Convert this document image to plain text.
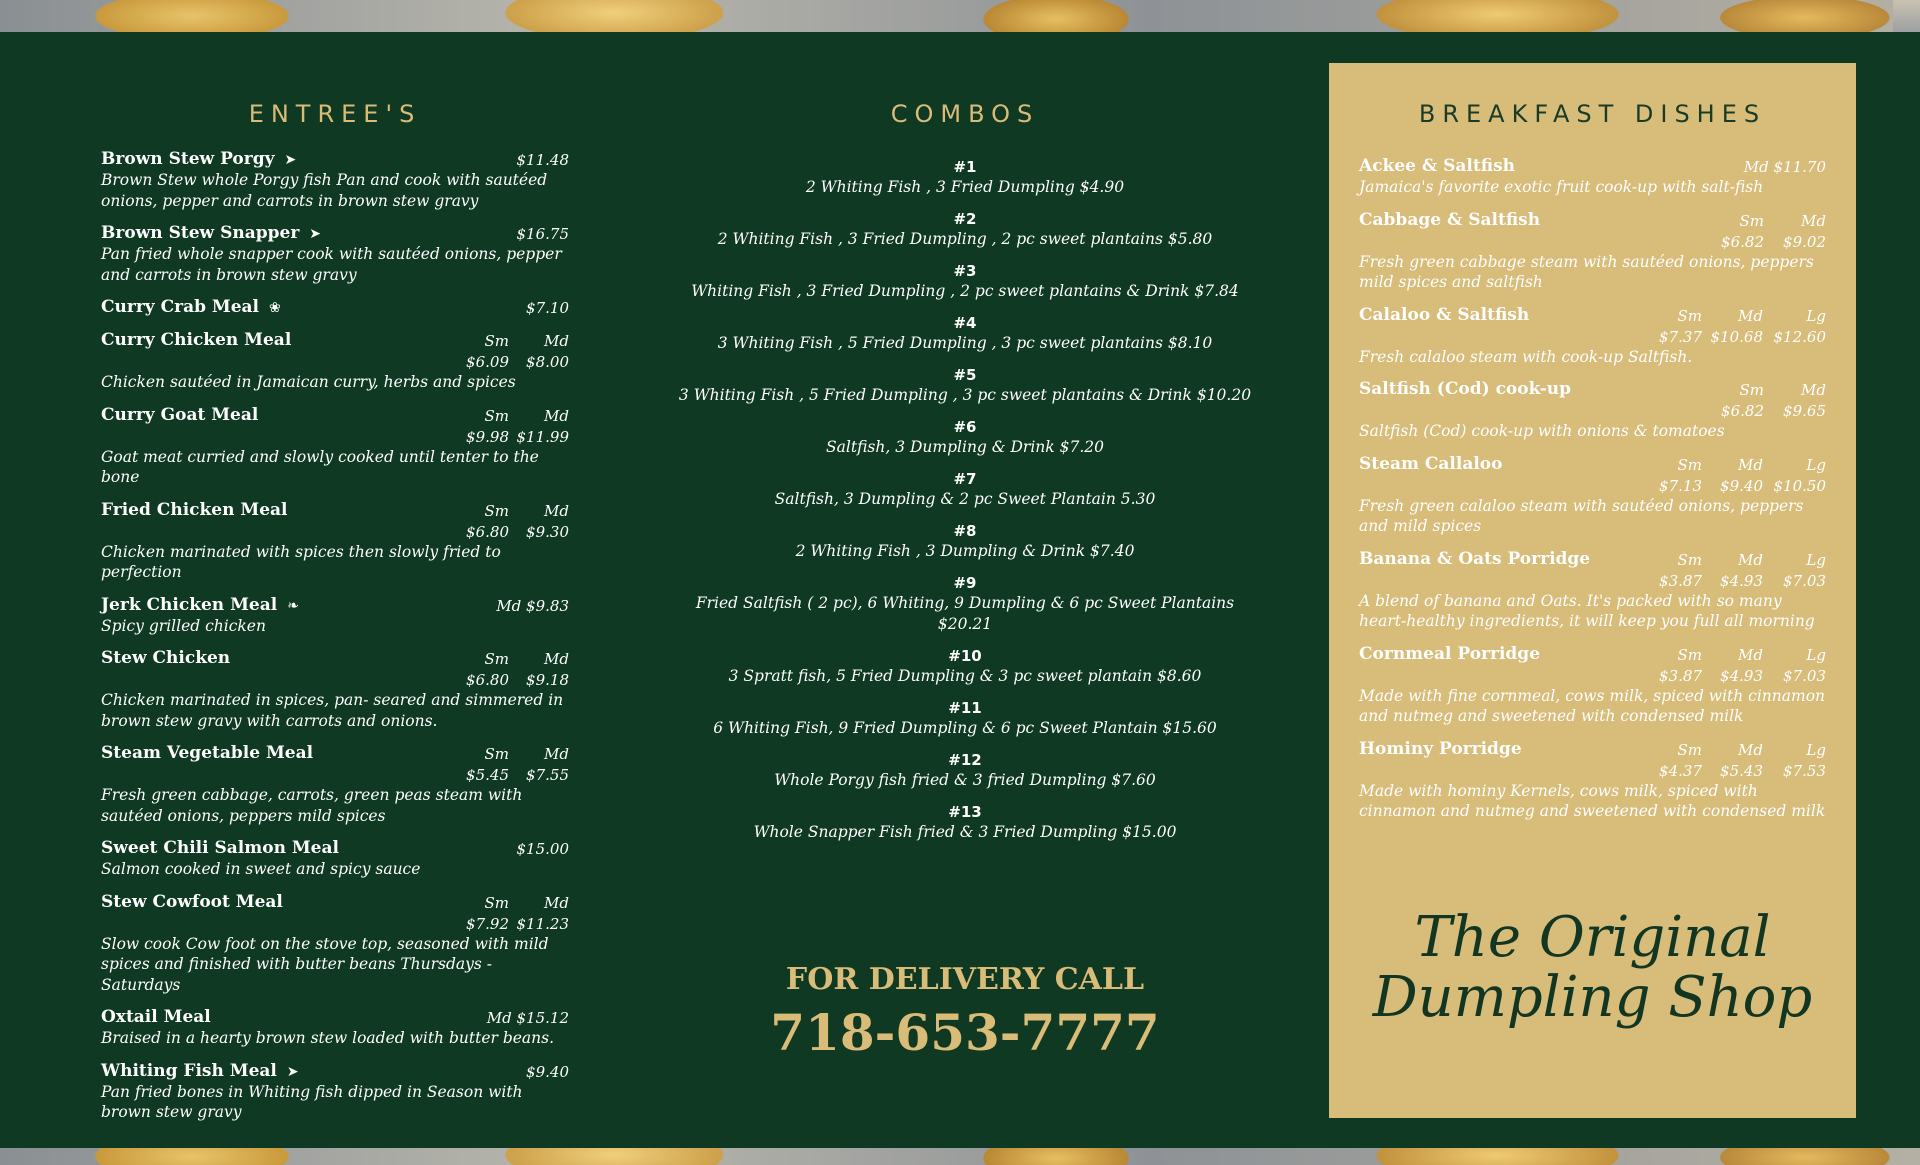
ENTREE'S
Brown Stew Porgy ➤	$11.48
Brown Stew whole Porgy fish Pan and cook with sautéed onions, pepper and carrots in brown stew gravy
Brown Stew Snapper ➤	$16.75
Pan fried whole snapper cook with sautéed onions, pepper and carrots in brown stew gravy
Curry Crab Meal ❀	$7.10
Curry Chicken Meal	Sm	Md
$6.09	$8.00
Chicken sautéed in Jamaican curry, herbs and spices
Curry Goat Meal	Sm	Md
$9.98 $11.99
Goat meat curried and slowly cooked until tenter to the bone
Fried Chicken Meal	Sm	Md
$6.80	$9.30
Chicken marinated with spices then slowly fried to perfection
Jerk Chicken Meal ❧	Md $9.83
Spicy grilled chicken
Stew Chicken	Sm	Md
$6.80	$9.18
Chicken marinated in spices, pan- seared and simmered in brown stew gravy with carrots and onions.
Steam Vegetable Meal	Sm	Md
$5.45	$7.55
Fresh green cabbage, carrots, green peas steam with sautéed onions, peppers mild spices
Sweet Chili Salmon Meal	$15.00
Salmon cooked in sweet and spicy sauce
Stew Cowfoot Meal	Sm	Md
$7.92 $11.23
Slow cook Cow foot on the stove top, seasoned with mild spices and finished with butter beans Thursdays - Saturdays
Oxtail Meal	Md $15.12
Braised in a hearty brown stew loaded with butter beans.
Whiting Fish Meal ➤	$9.40
Pan fried bones in Whiting fish dipped in Season with brown stew gravy
COMBOS
#1
2 Whiting Fish , 3 Fried Dumpling $4.90
#2
2 Whiting Fish , 3 Fried Dumpling , 2 pc sweet plantains $5.80
#3
Whiting Fish , 3 Fried Dumpling , 2 pc sweet plantains & Drink $7.84
#4
3 Whiting Fish , 5 Fried Dumpling , 3 pc sweet plantains $8.10
#5
3 Whiting Fish , 5 Fried Dumpling , 3 pc sweet plantains & Drink $10.20
#6
Saltfish, 3 Dumpling & Drink $7.20
#7
Saltfish, 3 Dumpling & 2 pc Sweet Plantain 5.30
#8
2 Whiting Fish , 3 Dumpling & Drink $7.40
#9
Fried Saltfish ( 2 pc), 6 Whiting, 9 Dumpling & 6 pc Sweet Plantains $20.21
#10
3 Spratt fish, 5 Fried Dumpling & 3 pc sweet plantain $8.60
#11
6 Whiting Fish, 9 Fried Dumpling & 6 pc Sweet Plantain $15.60
#12
Whole Porgy fish fried & 3 fried Dumpling $7.60
#13
Whole Snapper Fish fried & 3 Fried Dumpling $15.00
FOR DELIVERY CALL
718-653-7777
BREAKFAST DISHES
Ackee & Saltfish	Md $11.70
Jamaica's favorite exotic fruit cook-up with salt-fish
Cabbage & Saltfish	Sm	Md
$6.82	$9.02
Fresh green cabbage steam with sautéed onions, peppers mild spices and saltfish
Calaloo & Saltfish	Sm	Md	Lg
$7.37 $10.68 $12.60
Fresh calaloo steam with cook-up Saltfish.
Saltfish (Cod) cook-up	Sm	Md
$6.82	$9.65
Saltfish (Cod) cook-up with onions & tomatoes
Steam Callaloo	Sm	Md	Lg
$7.13	$9.40 $10.50
Fresh green calaloo steam with sautéed onions, peppers and mild spices
Banana & Oats Porridge	Sm	Md	Lg
$3.87	$4.93	$7.03
A blend of banana and Oats. It's packed with so many heart-healthy ingredients, it will keep you full all morning
Cornmeal Porridge	Sm	Md	Lg
$3.87	$4.93	$7.03
Made with fine cornmeal, cows milk, spiced with cinnamon and nutmeg and sweetened with condensed milk
Hominy Porridge	Sm	Md	Lg
$4.37	$5.43	$7.53
Made with hominy Kernels, cows milk, spiced with cinnamon and nutmeg and sweetened with condensed milk
The Original
Dumpling Shop
